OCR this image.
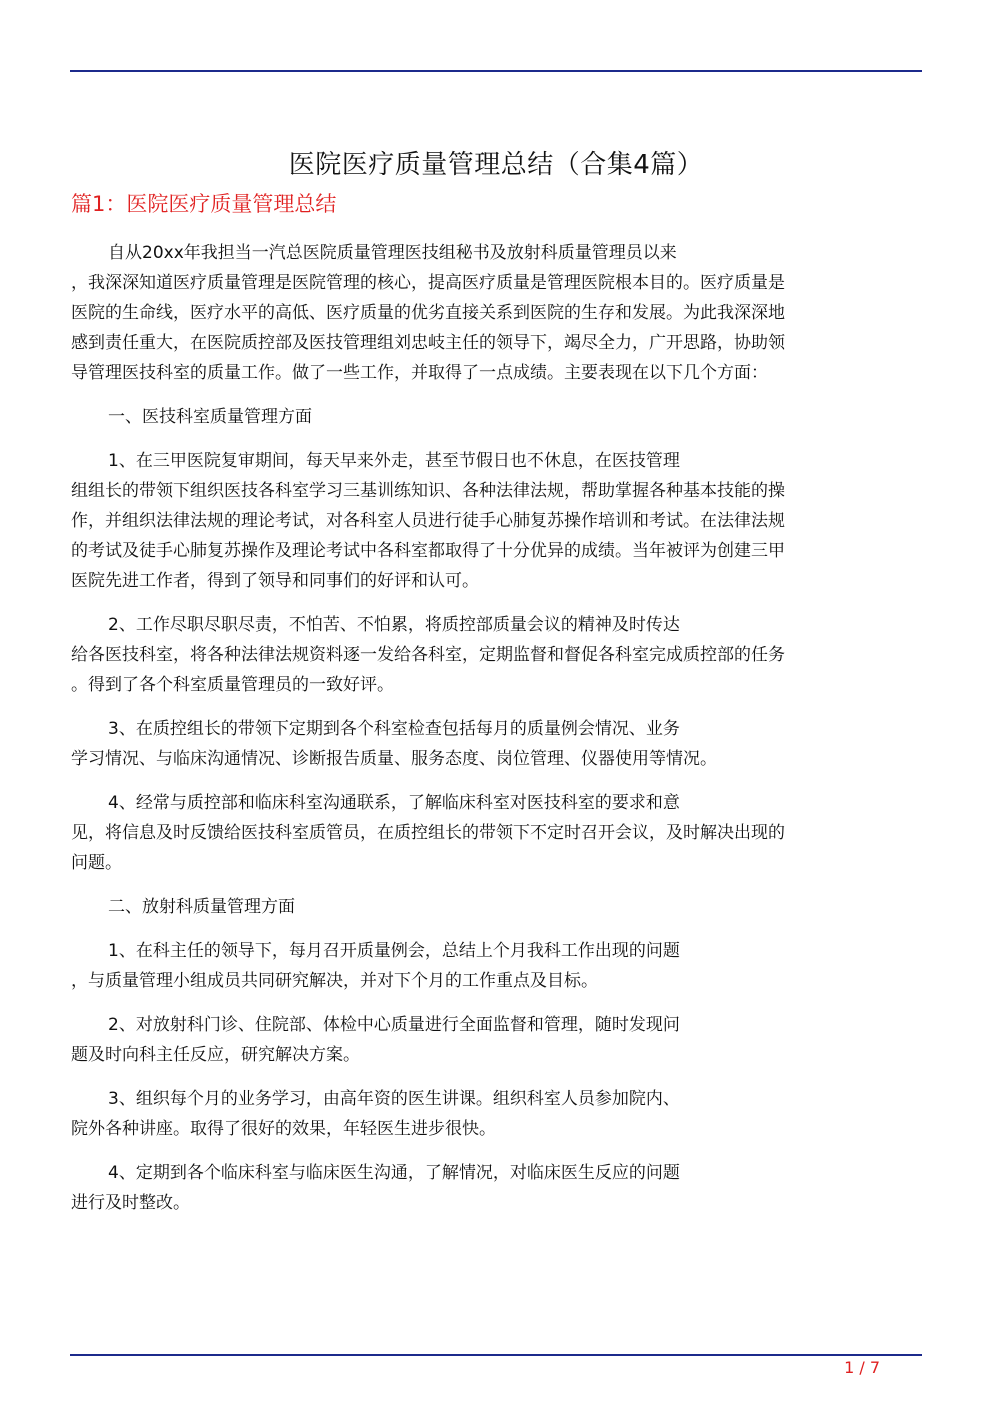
医院医疗质量管理总结（合集4篇）
篇1：医院医疗质量管理总结

自从20xx年我担当一汽总医院质量管理医技组秘书及放射科质量管理员以来
，我深深知道医疗质量管理是医院管理的核心，提高医疗质量是管理医院根本目的。医疗质量是
医院的生命线，医疗水平的高低、医疗质量的优劣直接关系到医院的生存和发展。为此我深深地
感到责任重大，在医院质控部及医技管理组刘忠岐主任的领导下，竭尽全力，广开思路，协助领
导管理医技科室的质量工作。做了一些工作，并取得了一点成绩。主要表现在以下几个方面：

一、医技科室质量管理方面

1、在三甲医院复审期间，每天早来外走，甚至节假日也不休息，在医技管理
组组长的带领下组织医技各科室学习三基训练知识、各种法律法规，帮助掌握各种基本技能的操
作，并组织法律法规的理论考试，对各科室人员进行徒手心肺复苏操作培训和考试。在法律法规
的考试及徒手心肺复苏操作及理论考试中各科室都取得了十分优异的成绩。当年被评为创建三甲
医院先进工作者，得到了领导和同事们的好评和认可。

2、工作尽职尽职尽责，不怕苦、不怕累，将质控部质量会议的精神及时传达
给各医技科室，将各种法律法规资料逐一发给各科室，定期监督和督促各科室完成质控部的任务
。得到了各个科室质量管理员的一致好评。

3、在质控组长的带领下定期到各个科室检查包括每月的质量例会情况、业务
学习情况、与临床沟通情况、诊断报告质量、服务态度、岗位管理、仪器使用等情况。

4、经常与质控部和临床科室沟通联系，了解临床科室对医技科室的要求和意
见，将信息及时反馈给医技科室质管员，在质控组长的带领下不定时召开会议，及时解决出现的
问题。

二、放射科质量管理方面

1、在科主任的领导下，每月召开质量例会，总结上个月我科工作出现的问题
，与质量管理小组成员共同研究解决，并对下个月的工作重点及目标。

2、对放射科门诊、住院部、体检中心质量进行全面监督和管理，随时发现问
题及时向科主任反应，研究解决方案。

3、组织每个月的业务学习，由高年资的医生讲课。组织科室人员参加院内、
院外各种讲座。取得了很好的效果，年轻医生进步很快。

4、定期到各个临床科室与临床医生沟通，了解情况，对临床医生反应的问题
进行及时整改。

1 / 7
